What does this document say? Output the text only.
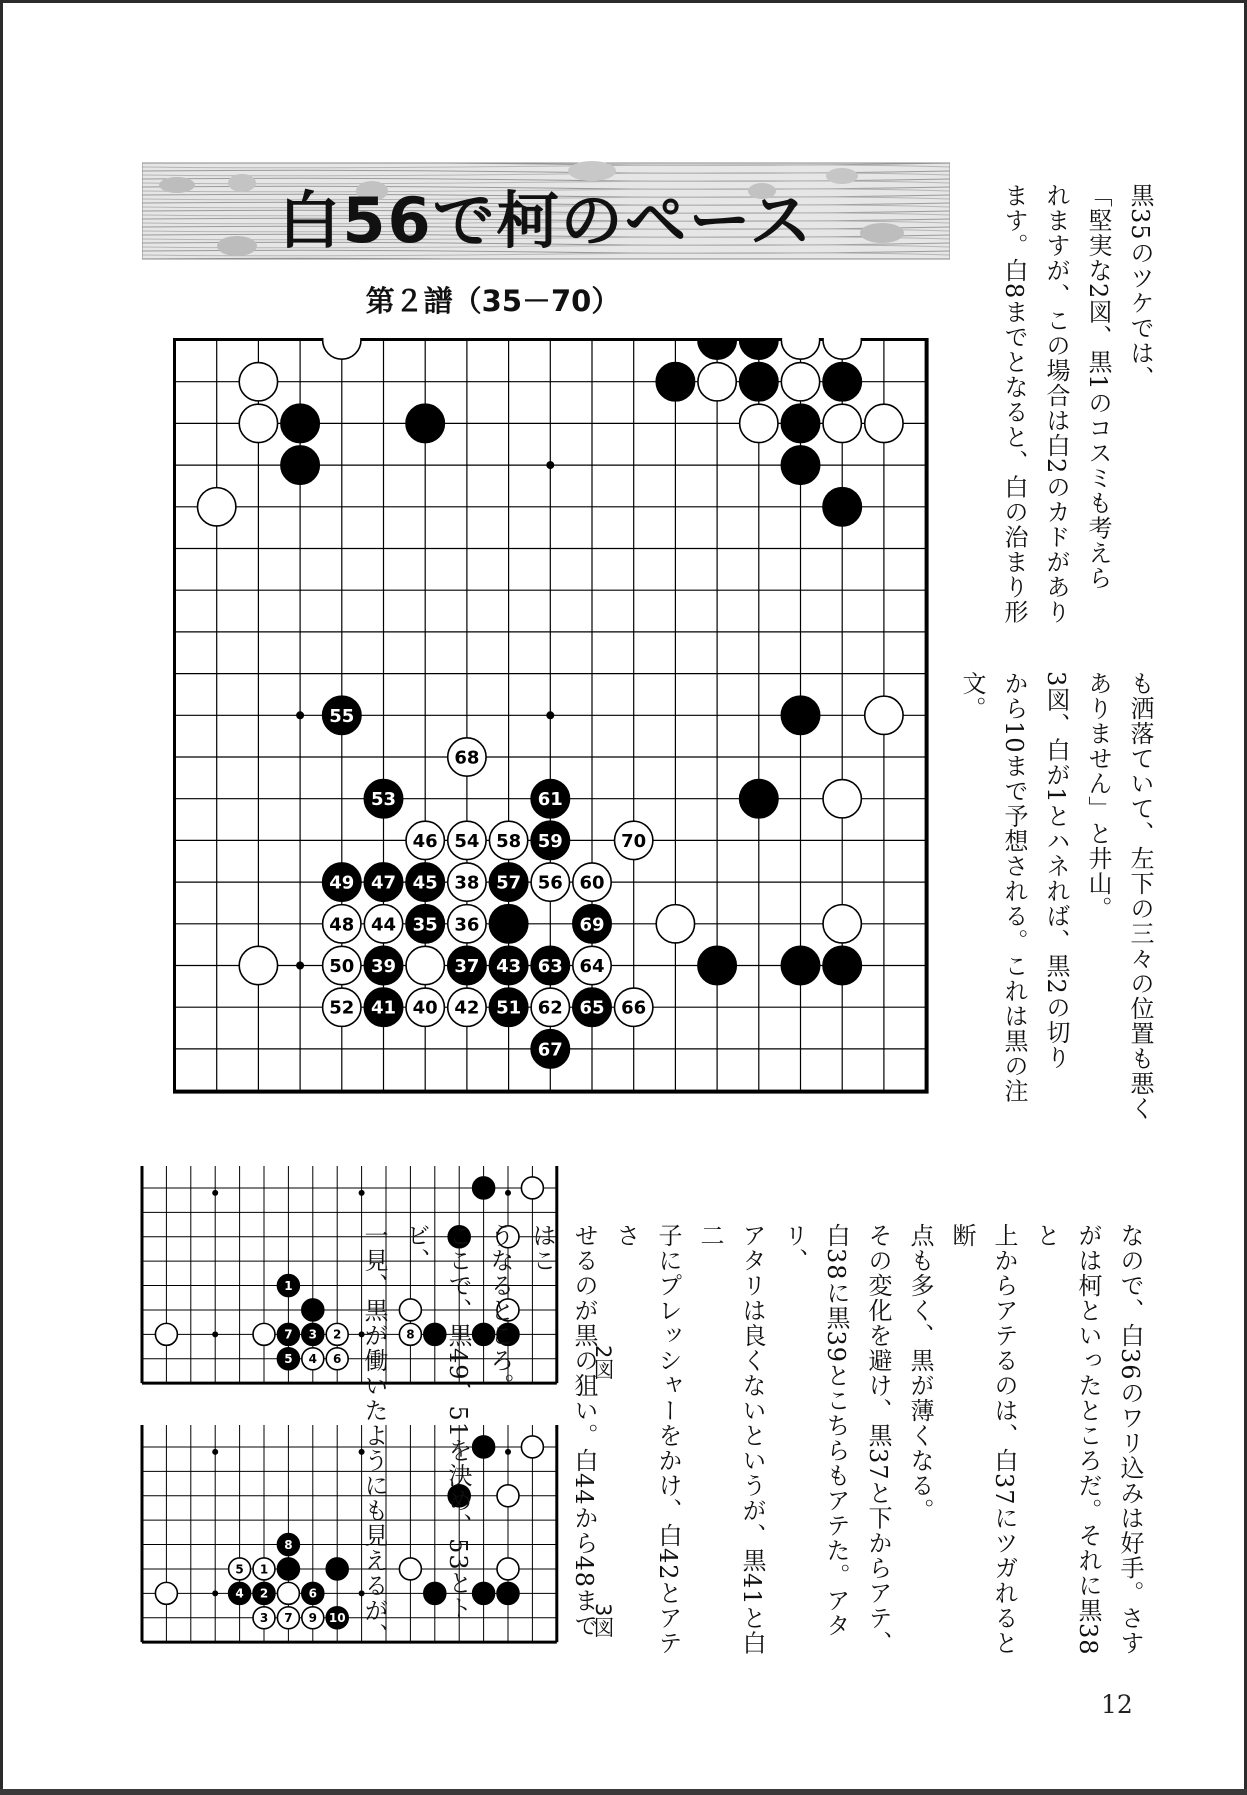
白56で柯のペース
第２譜（35－70）
55
68
53	61
46 54 58 59	70
49 47 45 38 57 56 60
48 44 35 36	69
50 39	37 43 63 64
52 41 40 42 51 62 65 66
67
1
7 3 2	8
5 4 6
8
5 1
4 2	6
3 7 9 10
2図
3図
黒35のツケでは、
「堅実な2図、黒1のコスミも考えら
れますが、この場合は白2のカドがあり
ます。白8までとなると、白の治まり形
も洒落ていて、左下の三々の位置も悪く
ありません」と井山。
3図、白が1とハネれば、黒2の切り
から10まで予想される。これは黒の注文。
なので、白36のワリ込みは好手。さす
がは柯といったところだ。それに黒38と
上からアテるのは、白37にツガれると断
点も多く、黒が薄くなる。
その変化を避け、黒37と下からアテ、
白38に黒39とこちらもアテた。アタリ、
アタリは良くないというが、黒41と白二
子にプレッシャーをかけ、白42とアテさ
せるのが黒の狙い。白44から48まではこ
うなるところ。
ここで、黒49、51を決め、53とトビ、
一見、黒が働いたようにも見えるが、
12
